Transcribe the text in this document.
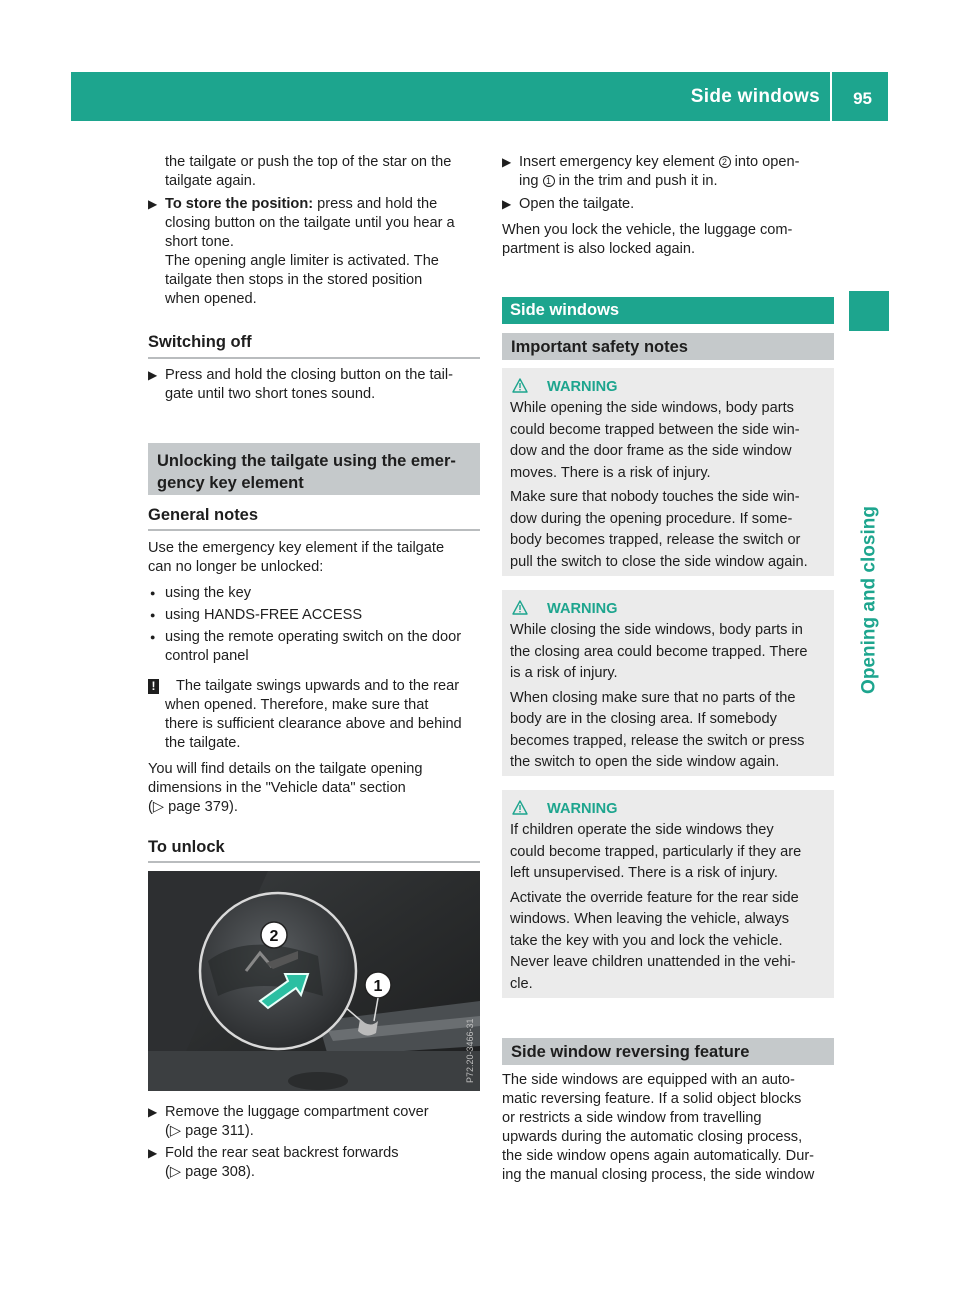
Side windows 95
Opening and closing
the tailgate or push the top of the star on the
tailgate again.
▶ To store the position: press and hold the
closing button on the tailgate until you hear a
short tone.
The opening angle limiter is activated. The
tailgate then stops in the stored position
when opened.
Switching off
▶ Press and hold the closing button on the tail-
gate until two short tones sound.
Unlocking the tailgate using the emer-
gency key element
General notes
Use the emergency key element if the tailgate
can no longer be unlocked:
● using the key
● using HANDS-FREE ACCESS
● using the remote operating switch on the door
control panel
!	The tailgate swings upwards and to the rear
when opened. Therefore, make sure that
there is sufficient clearance above and behind
the tailgate.
You will find details on the tailgate opening
dimensions in the "Vehicle data" section
(▷ page 379).
To unlock
2
1
P72.20-3466-31
▶ Remove the luggage compartment cover
(▷ page 311).
▶ Fold the rear seat backrest forwards
(▷ page 308).
▶ Insert emergency key element 2 into open-
ing 1 in the trim and push it in.
▶ Open the tailgate.
When you lock the vehicle, the luggage com-
partment is also locked again.
Side windows
Important safety notes
WARNING
While opening the side windows, body parts
could become trapped between the side win-
dow and the door frame as the side window
moves. There is a risk of injury.
Make sure that nobody touches the side win-
dow during the opening procedure. If some-
body becomes trapped, release the switch or
pull the switch to close the side window again.
WARNING
While closing the side windows, body parts in
the closing area could become trapped. There
is a risk of injury.
When closing make sure that no parts of the
body are in the closing area. If somebody
becomes trapped, release the switch or press
the switch to open the side window again.
WARNING
If children operate the side windows they
could become trapped, particularly if they are
left unsupervised. There is a risk of injury.
Activate the override feature for the rear side
windows. When leaving the vehicle, always
take the key with you and lock the vehicle.
Never leave children unattended in the vehi-
cle.
Side window reversing feature
The side windows are equipped with an auto-
matic reversing feature. If a solid object blocks
or restricts a side window from travelling
upwards during the automatic closing process,
the side window opens again automatically. Dur-
ing the manual closing process, the side window
